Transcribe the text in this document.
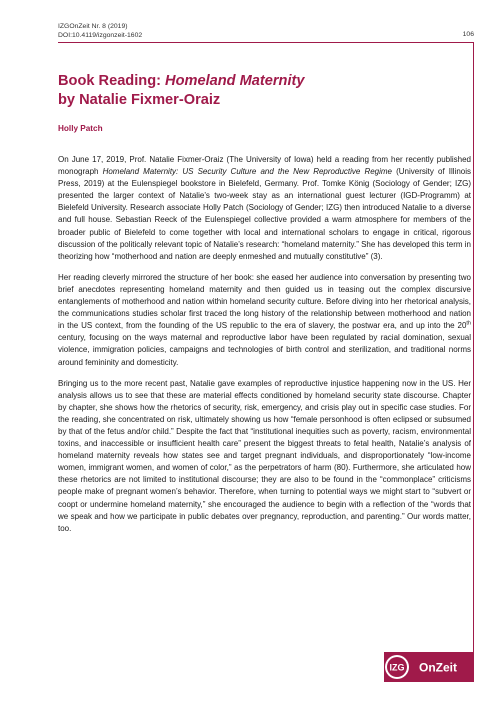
IZGOnZeit Nr. 8 (2019)
DOI:10.4119/izgonzeit-1602	106
Book Reading: Homeland Maternity
by Natalie Fixmer-Oraiz
Holly Patch

On June 17, 2019, Prof. Natalie Fixmer-Oraiz (The University of Iowa) held a reading from her recently published monograph Homeland Maternity: US Security Culture and the New Reproductive Regime (University of Illinois Press, 2019) at the Eulenspiegel bookstore in Bielefeld, Germany. Prof. Tomke König (Sociology of Gender; IZG) presented the larger context of Natalie’s two-week stay as an international guest lecturer (IGD-Programm) at Bielefeld University. Research associate Holly Patch (Sociology of Gender; IZG) then introduced Natalie to a diverse and full house. Sebastian Reeck of the Eulenspiegel collective provided a warm atmosphere for members of the broader public of Bielefeld to come together with local and international scholars to engage in critical, rigorous discussion of the politically relevant topic of Natalie’s research: “homeland maternity.” She has developed this term in theorizing how “motherhood and nation are deeply enmeshed and mutually constitutive” (3).

Her reading cleverly mirrored the structure of her book: she eased her audience into conversation by presenting two brief anecdotes representing homeland maternity and then guided us in teasing out the complex discursive entanglements of motherhood and nation within homeland security culture. Before diving into her rhetorical analysis, the communications studies scholar first traced the long history of the relationship between motherhood and nation in the US context, from the founding of the US republic to the era of slavery, the postwar era, and up into the 20th century, focusing on the ways maternal and reproductive labor have been regulated by racial domination, sexual violence, immigration policies, campaigns and technologies of birth control and sterilization, and traditional norms around femininity and domesticity.

Bringing us to the more recent past, Natalie gave examples of reproductive injustice happening now in the US. Her analysis allows us to see that these are material effects conditioned by homeland security state discourse. Chapter by chapter, she shows how the rhetorics of security, risk, emergency, and crisis play out in specific case studies. For the reading, she concentrated on risk, ultimately showing us how “female personhood is often eclipsed or subsumed by that of the fetus and/or child.” Despite the fact that “institutional inequities such as poverty, racism, environmental toxins, and inaccessible or insufficient health care” present the biggest threats to fetal health, Natalie’s analysis of homeland maternity reveals how states see and target pregnant individuals, and disproportionately “low-income women, immigrant women, and women of color,” as the perpetrators of harm (80). Furthermore, she articulated how these rhetorics are not limited to institutional discourse; they are also to be found in the “commonplace” criticisms people make of pregnant women’s behavior. Therefore, when turning to potential ways we might start to “subvert or coopt or undermine homeland maternity,” she encouraged the audience to begin with a reflection of the “words that we speak and how we participate in public debates over pregnancy, reproduction, and parenting.” Our words matter, too.

IZG OnZeit
